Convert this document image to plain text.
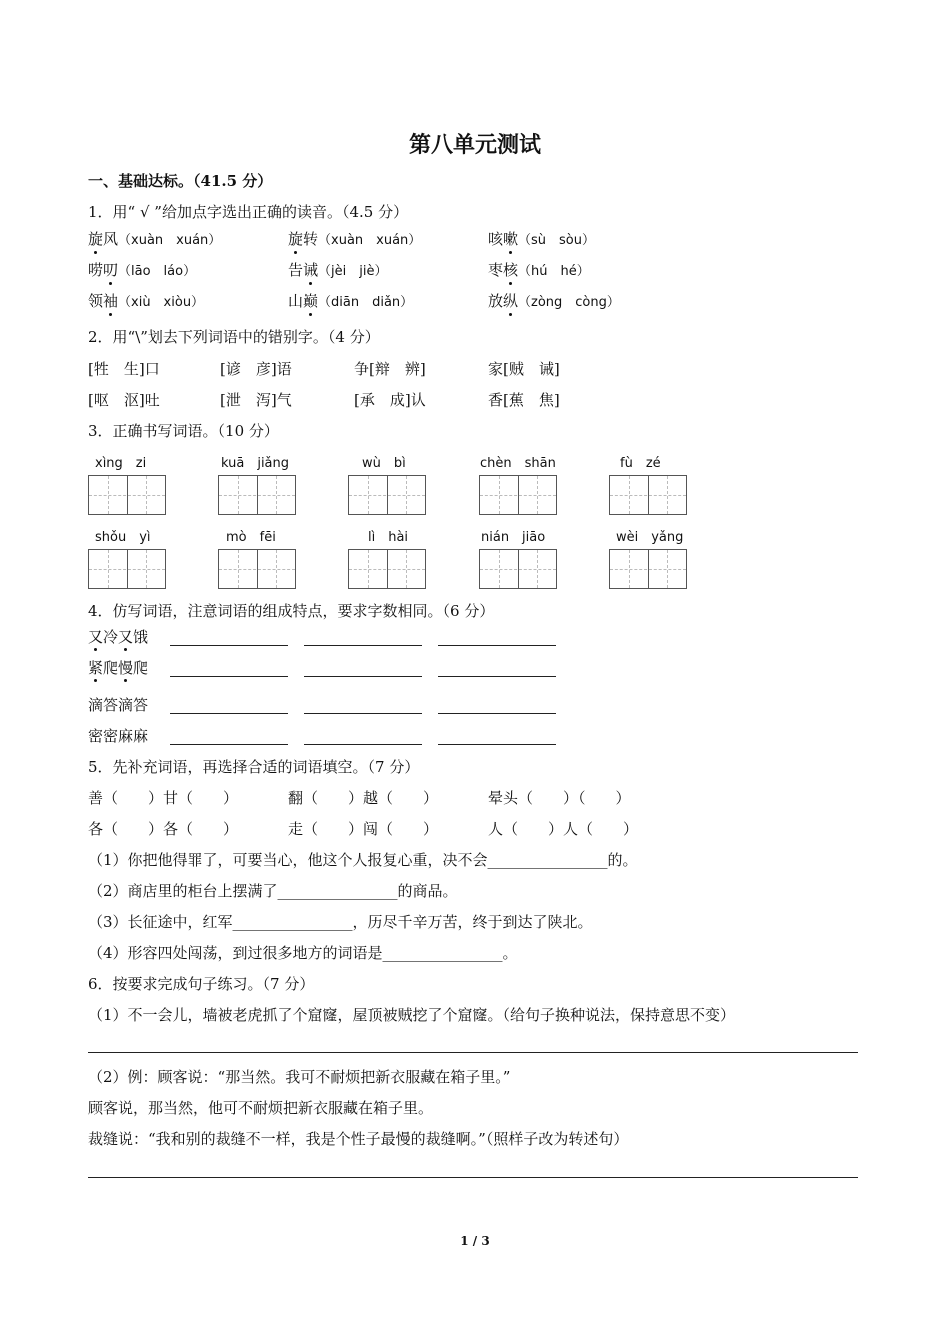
第八单元测试
一、基础达标。（41.5 分）
1．用“ √ ”给加点字选出正确的读音。（4.5 分）
旋风（xuàn　xuán）	旋转（xuàn　xuán）	咳嗽（sù　sòu）
唠叨（lāo　láo）	告诫（jèi　jiè）	枣核（hú　hé）
领袖（xiù　xiòu）	山巅（diān　diǎn）	放纵（zòng　còng）
2．用“\”划去下列词语中的错别字。（4 分）
[牲　生]口	[谚　彦]语	争[辩　辨]	家[贼　诫]
[呕　沤]吐	[泄　泻]气	[承　成]认	香[蕉　焦]
3．正确书写词语。（10 分）
xìng　zi	kuā　jiǎng	wù　bì	chèn　shān	fù　zé
shǒu　yì	mò　fēi	lì　hài	nián　jiāo	wèi　yǎng
4．仿写词语，注意词语的组成特点，要求字数相同。（6 分）
又冷又饿
紧爬慢爬
滴答滴答
密密麻麻
5．先补充词语，再选择合适的词语填空。（7 分）
善（　　）甘（　　）	翻（　　）越（　　）	晕头（　　）（　　）
各（　　）各（　　）	走（　　）闯（　　）	人（　　）人（　　）
（1）你把他得罪了，可要当心，他这个人报复心重，决不会________________的。
（2）商店里的柜台上摆满了________________的商品。
（3）长征途中，红军________________，历尽千辛万苦，终于到达了陕北。
（4）形容四处闯荡，到过很多地方的词语是________________。
6．按要求完成句子练习。（7 分）
（1）不一会儿，墙被老虎抓了个窟窿，屋顶被贼挖了个窟窿。（给句子换种说法，保持意思不变）
（2）例：顾客说：“那当然。我可不耐烦把新衣服藏在箱子里。”
顾客说，那当然，他可不耐烦把新衣服藏在箱子里。
裁缝说：“我和别的裁缝不一样，我是个性子最慢的裁缝啊。”（照样子改为转述句）
1 / 3
